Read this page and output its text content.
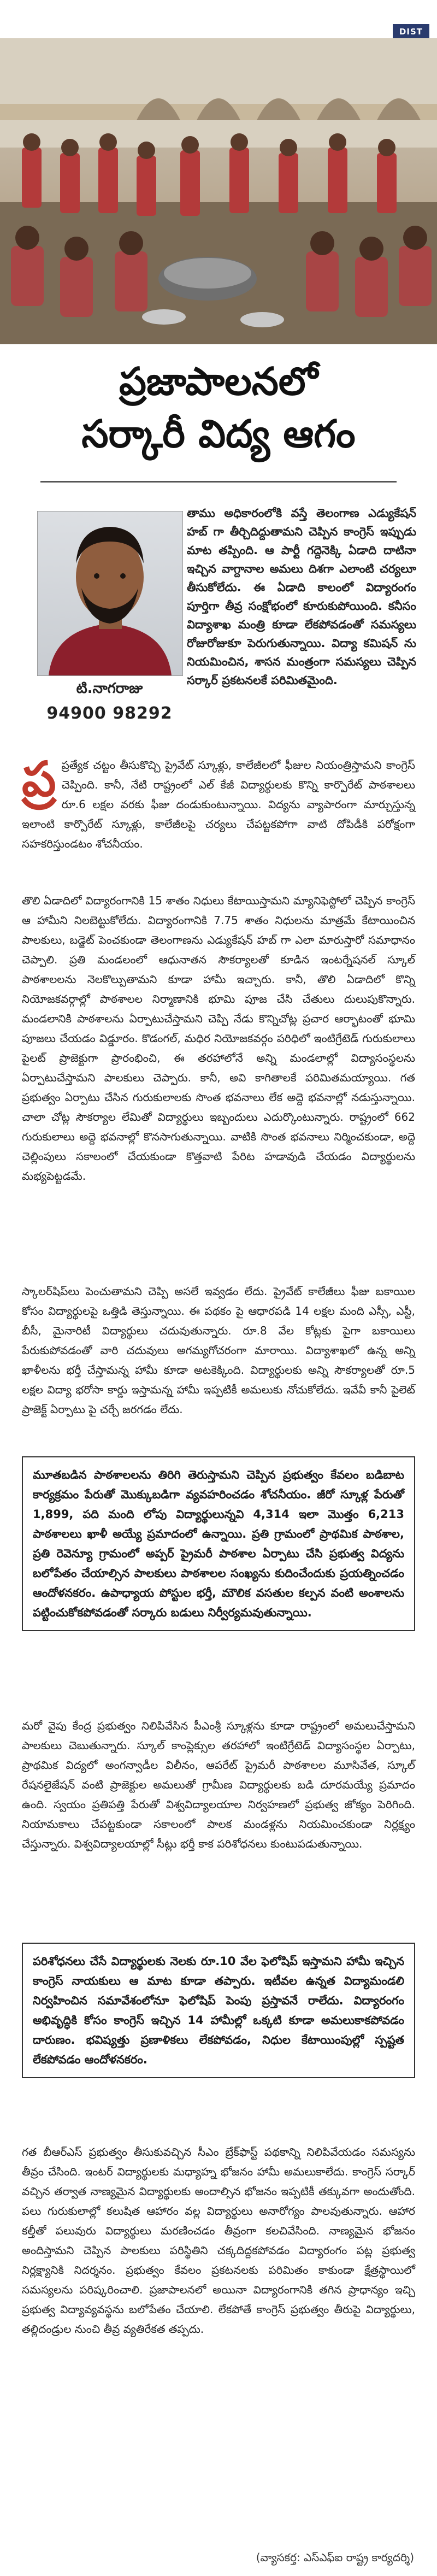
DIST
ప్రజాపాలనలో
సర్కారీ విద్య ఆగం
టి.నాగరాజు
94900 98292
తాము అధికారంలోకి వస్తే తెలంగాణ ఎడ్యుకేషన్ హబ్ గా తీర్చిదిద్దుతామని చెప్పిన కాంగ్రెస్ ఇప్పుడు మాట తప్పింది. ఆ పార్టీ గద్దెనెక్కి ఏడాది దాటినా ఇచ్చిన వాగ్దానాల అమలు దిశగా ఎలాంటి చర్యలూ తీసుకోలేదు. ఈ ఏడాది కాలంలో విద్యారంగం పూర్తిగా తీవ్ర సంక్షోభంలో కూరుకుపోయింది. కనీసం విద్యాశాఖ మంత్రి కూడా లేకపోవడంతో సమస్యలు రోజురోజుకూ పెరుగుతున్నాయి. విద్యా కమిషన్ ను నియమించిన, శాసన మంత్రంగా సమస్యలు చెప్పిన సర్కార్ ప్రకటనలకే పరిమితమైంది.
ప్ర ప్రత్యేక చట్టం తీసుకొచ్చి ప్రైవేట్ స్కూళ్లు, కాలేజీలలో ఫీజుల నియంత్రిస్తామని కాంగ్రెస్ చెప్పింది. కానీ, నేటి రాష్ట్రంలో ఎల్ కేజీ విద్యార్థులకు కొన్ని కార్పొరేట్ పాఠశాలలు రూ.6 లక్షల వరకు ఫీజు దండుకుంటున్నాయి. విద్యను వ్యాపారంగా మార్చుస్తున్న ఇలాంటి కార్పొరేట్ స్కూళ్లు, కాలేజీలపై చర్యలు చేపట్టకపోగా వాటి దోపిడీకి పరోక్షంగా సహకరిస్తుండటం శోచనీయం.

తొలి ఏడాదిలో విద్యారంగానికి 15 శాతం నిధులు కేటాయిస్తామని మ్యానిఫెస్టోలో చెప్పిన కాంగ్రెస్ ఆ హామీని నిలబెట్టుకోలేదు. విద్యారంగానికి 7.75 శాతం నిధులను మాత్రమే కేటాయించిన పాలకులు, బడ్జెట్ పెంచకుండా తెలంగాణను ఎడ్యుకేషన్ హబ్ గా ఎలా మారుస్తారో సమాధానం చెప్పాలి. ప్రతి మండలంలో ఆధునాతన సౌకర్యాలతో కూడిన ఇంటర్నేషనల్ స్కూల్ పాఠశాలలను నెలకొల్పుతామని కూడా హామీ ఇచ్చారు. కానీ, తొలి ఏడాదిలో కొన్ని నియోజకవర్గాల్లో పాఠశాలల నిర్మాణానికి భూమి పూజ చేసి చేతులు దులుపుకొన్నారు. మండలానికి పాఠశాలను ఏర్పాటుచేస్తామని చెప్పి నేడు కొన్నిచోట్ల ప్రచార ఆర్భాటంతో భూమి పూజలు చేయడం విడ్డూరం. కొడంగల్, మధిర నియోజకవర్గం పరిధిలో ఇంటిగ్రేటెడ్ గురుకులాలు పైలట్ ప్రాజెక్టుగా ప్రారంభించి, ఈ తరహాలోనే అన్ని మండలాల్లో విద్యాసంస్థలను ఏర్పాటుచేస్తామని పాలకులు చెప్పారు. కానీ, అవి కాగితాలకే పరిమితమయ్యాయి. గత ప్రభుత్వం ఏర్పాటు చేసిన గురుకులాలకు సొంత భవనాలు లేక అద్దె భవనాల్లో నడుస్తున్నాయి. చాలా చోట్ల సౌకర్యాల లేమితో విద్యార్థులు ఇబ్బందులు ఎదుర్కొంటున్నారు. రాష్ట్రంలో 662 గురుకులాలు అద్దె భవనాల్లో కొనసాగుతున్నాయి. వాటికి సొంత భవనాలు నిర్మించకుండా, అద్దె చెల్లింపులు సకాలంలో చేయకుండా కొత్తవాటి పేరిట హడావుడి చేయడం విద్యార్థులను మభ్యపెట్టడమే.

స్కాలర్‌షిప్‌లు పెంచుతామని చెప్పి అసలే ఇవ్వడం లేదు. ప్రైవేట్ కాలేజీలు ఫీజు బకాయిల కోసం విద్యార్థులపై ఒత్తిడి తెస్తున్నాయి. ఈ పథకం పై ఆధారపడి 14 లక్షల మంది ఎస్సీ, ఎస్టీ, బీసీ, మైనారిటీ విద్యార్థులు చదువుతున్నారు. రూ.8 వేల కోట్లకు పైగా బకాయిలు పేరుకుపోవడంతో వారి చదువులు అగమ్యగోచరంగా మారాయి. విద్యాశాఖలో ఉన్న అన్ని ఖాళీలను భర్తీ చేస్తామన్న హామీ కూడా అటకెక్కింది. విద్యార్థులకు అన్ని సౌకర్యాలతో రూ.5 లక్షల విద్యా భరోసా కార్డు ఇస్తామన్న హామీ ఇప్పటికీ అమలుకు నోచుకోలేదు. ఇవేవీ కానీ పైలెట్ ప్రాజెక్ట్ ఏర్పాటు పై చర్చే జరగడం లేదు.

మూతబడిన పాఠశాలలను తిరిగి తెరుస్తామని చెప్పిన ప్రభుత్వం కేవలం బడిబాట కార్యక్రమం పేరుతో మొక్కుబడిగా వ్యవహరించడం శోచనీయం. జీరో స్కూళ్ల పేరుతో 1,899, పది మంది లోపు విద్యార్థులున్నవి 4,314 ఇలా మొత్తం 6,213 పాఠశాలలు ఖాళీ అయ్యే ప్రమాదంలో ఉన్నాయి. ప్రతి గ్రామంలో ప్రాథమిక పాఠశాల, ప్రతి రెవెన్యూ గ్రామంలో అప్పర్ ప్రైమరీ పాఠశాల ఏర్పాటు చేసి ప్రభుత్వ విద్యను బలోపేతం చేయాల్సిన పాలకులు పాఠశాలల సంఖ్యను కుదించేందుకు ప్రయత్నించడం ఆందోళనకరం. ఉపాధ్యాయ పోస్టుల భర్తీ, మౌలిక వసతుల కల్పన వంటి అంశాలను పట్టించుకోకపోవడంతో సర్కారు బడులు నిర్వీర్యమవుతున్నాయి.

మరో వైపు కేంద్ర ప్రభుత్వం నిలిపివేసిన పీఎంశ్రీ స్కూళ్లను కూడా రాష్ట్రంలో అమలుచేస్తామని పాలకులు చెబుతున్నారు. స్కూల్ కాంప్లెక్సుల తరహాలో ఇంటిగ్రేటెడ్ విద్యాసంస్థల ఏర్పాటు, ప్రాథమిక విద్యలో అంగన్వాడీల విలీనం, ఆపరేట్ ప్రైమరీ పాఠశాలల మూసివేత, స్కూల్ రేషనలైజేషన్ వంటి ప్రాజెక్టుల అమలుతో గ్రామీణ విద్యార్థులకు బడి దూరమయ్యే ప్రమాదం ఉంది. స్వయం ప్రతిపత్తి పేరుతో విశ్వవిద్యాలయాల నిర్వహణలో ప్రభుత్వ జోక్యం పెరిగింది. నియామకాలు చేపట్టకుండా సకాలంలో పాలక మండళ్లను నియమించకుండా నిర్లక్ష్యం చేస్తున్నారు. విశ్వవిద్యాలయాల్లో సీట్లు భర్తీ కాక పరిశోధనలు కుంటుపడుతున్నాయి.

పరిశోధనలు చేసే విద్యార్థులకు నెలకు రూ.10 వేల ఫెలోషిప్ ఇస్తామని హామీ ఇచ్చిన కాంగ్రెస్ నాయకులు ఆ మాట కూడా తప్పారు. ఇటీవల ఉన్నత విద్యామండలి నిర్వహించిన సమావేశంలోనూ ఫెలోషిప్ పెంపు ప్రస్తావనే రాలేదు. విద్యారంగం అభివృద్ధికి కోసం కాంగ్రెస్ ఇచ్చిన 14 హామీల్లో ఒక్కటి కూడా అమలుకాకపోవడం దారుణం. భవిష్యత్తు ప్రణాళికలు లేకపోవడం, నిధుల కేటాయింపుల్లో స్పష్టత లేకపోవడం ఆందోళనకరం.

గత బీఆర్ఎస్ ప్రభుత్వం తీసుకువచ్చిన సీఎం బ్రేక్‌ఫాస్ట్ పథకాన్ని నిలిపివేయడం సమస్యను తీవ్రం చేసింది. ఇంటర్ విద్యార్థులకు మధ్యాహ్న భోజనం హామీ అమలుకాలేదు. కాంగ్రెస్ సర్కార్ వచ్చిన తర్వాత నాణ్యమైన విద్యార్థులకు అందాల్సిన భోజనం ఇప్పటికీ తక్కువగా అందుతోంది. పలు గురుకులాల్లో కలుషిత ఆహారం వల్ల విద్యార్థులు అనారోగ్యం పాలవుతున్నారు. ఆహార కల్తీతో పలువురు విద్యార్థులు మరణించడం తీవ్రంగా కలచివేసింది. నాణ్యమైన భోజనం అందిస్తామని చెప్పిన పాలకులు పరిస్థితిని చక్కదిద్దకపోవడం విద్యారంగం పట్ల ప్రభుత్వ నిర్లక్ష్యానికి నిదర్శనం. ప్రభుత్వం కేవలం ప్రకటనలకు పరిమితం కాకుండా క్షేత్రస్థాయిలో సమస్యలను పరిష్కరించాలి. ప్రజాపాలనలో అయినా విద్యారంగానికి తగిన ప్రాధాన్యం ఇచ్చి ప్రభుత్వ విద్యావ్యవస్థను బలోపేతం చేయాలి. లేకపోతే కాంగ్రెస్ ప్రభుత్వం తీరుపై విద్యార్థులు, తల్లిదండ్రుల నుంచి తీవ్ర వ్యతిరేకత తప్పదు.

(వ్యాసకర్త: ఎస్ఎఫ్ఐ రాష్ట్ర కార్యదర్శి)
